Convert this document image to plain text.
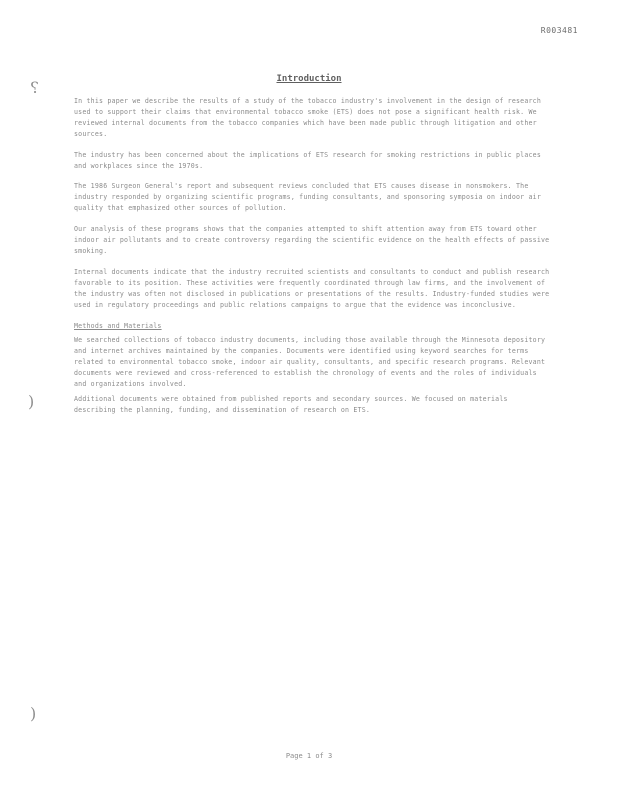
R003481
⸮
)
)
Introduction

In this paper we describe the results of a study of the tobacco industry's involvement in the design of research used to support their claims that environmental tobacco smoke (ETS) does not pose a significant health risk. We reviewed internal documents from the tobacco companies which have been made public through litigation and other sources.

The industry has been concerned about the implications of ETS research for smoking restrictions in public places and workplaces since the 1970s.

The 1986 Surgeon General's report and subsequent reviews concluded that ETS causes disease in nonsmokers. The industry responded by organizing scientific programs, funding consultants, and sponsoring symposia on indoor air quality that emphasized other sources of pollution.

Our analysis of these programs shows that the companies attempted to shift attention away from ETS toward other indoor air pollutants and to create controversy regarding the scientific evidence on the health effects of passive smoking.

Internal documents indicate that the industry recruited scientists and consultants to conduct and publish research favorable to its position. These activities were frequently coordinated through law firms, and the involvement of the industry was often not disclosed in publications or presentations of the results. Industry-funded studies were used in regulatory proceedings and public relations campaigns to argue that the evidence was inconclusive.

Methods and Materials

We searched collections of tobacco industry documents, including those available through the Minnesota depository and internet archives maintained by the companies. Documents were identified using keyword searches for terms related to environmental tobacco smoke, indoor air quality, consultants, and specific research programs. Relevant documents were reviewed and cross-referenced to establish the chronology of events and the roles of individuals and organizations involved.

Additional documents were obtained from published reports and secondary sources. We focused on materials describing the planning, funding, and dissemination of research on ETS.

Page 1 of 3
